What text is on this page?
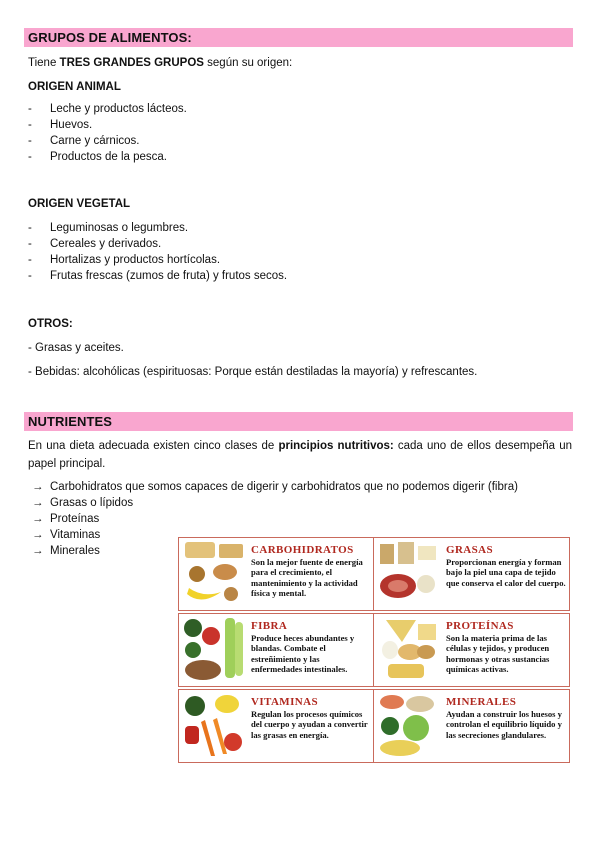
GRUPOS DE ALIMENTOS:
Tiene TRES GRANDES GRUPOS según su origen:
ORIGEN ANIMAL
- Leche y productos lácteos.
- Huevos.
- Carne y cárnicos.
- Productos de la pesca.
ORIGEN VEGETAL
- Leguminosas o legumbres.
- Cereales y derivados.
- Hortalizas y productos hortícolas.
- Frutas frescas (zumos de fruta) y frutos secos.
OTROS:
- Grasas y aceites.
- Bebidas: alcohólicas (espirituosas: Porque están destiladas la mayoría) y refrescantes.
NUTRIENTES
En una dieta adecuada existen cinco clases de principios nutritivos: cada uno de ellos desempeña un papel principal.
→ Carbohidratos que somos capaces de digerir y carbohidratos que no podemos digerir (fibra)
→ Grasas o lípidos
→ Proteínas
→ Vitaminas
→ Minerales	CARBOHIDRATOS
Son la mejor fuente de energía para el crecimiento, el mantenimiento y la actividad física y mental.
GRASAS
Proporcionan energía y forman bajo la piel una capa de tejido que conserva el calor del cuerpo.
FIBRA
Produce heces abundantes y blandas. Combate el estreñimiento y las enfermedades intestinales.
PROTEÍNAS
Son la materia prima de las células y tejidos, y producen hormonas y otras sustancias químicas activas.
VITAMINAS
Regulan los procesos químicos del cuerpo y ayudan a convertir las grasas en energía.
MINERALES
Ayudan a construir los huesos y controlan el equilibrio líquido y las secreciones glandulares.
